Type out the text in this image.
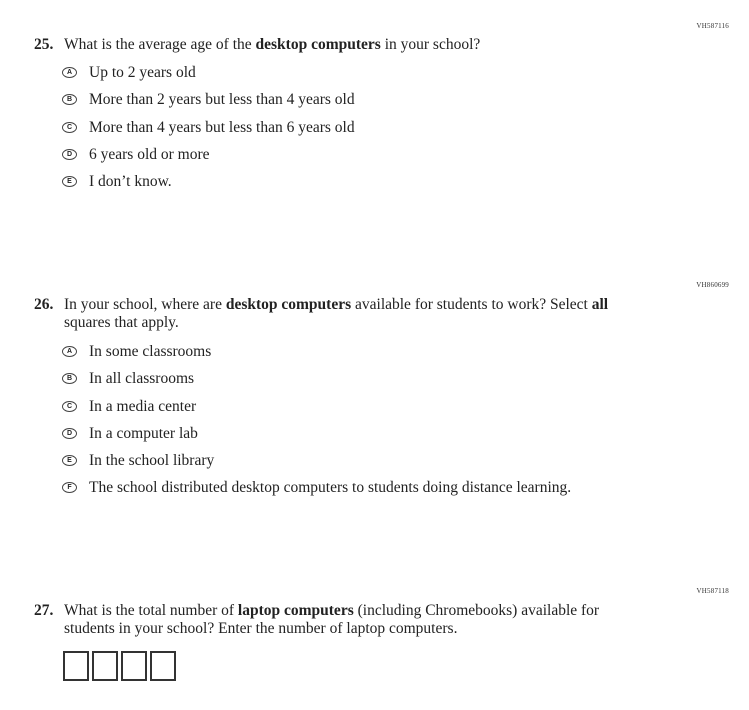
VH587116
25. What is the average age of the desktop computers in your school?
A	Up to 2 years old
B	More than 2 years but less than 4 years old
C	More than 4 years but less than 6 years old
D	6 years old or more
E	I don’t know.
VH860699
26. In your school, where are desktop computers available for students to work? Select all squares that apply.
A	In some classrooms
B	In all classrooms
C	In a media center
D	In a computer lab
E	In the school library
F	The school distributed desktop computers to students doing distance learning.
VH587118
27. What is the total number of laptop computers (including Chromebooks) available for students in your school? Enter the number of laptop computers.
